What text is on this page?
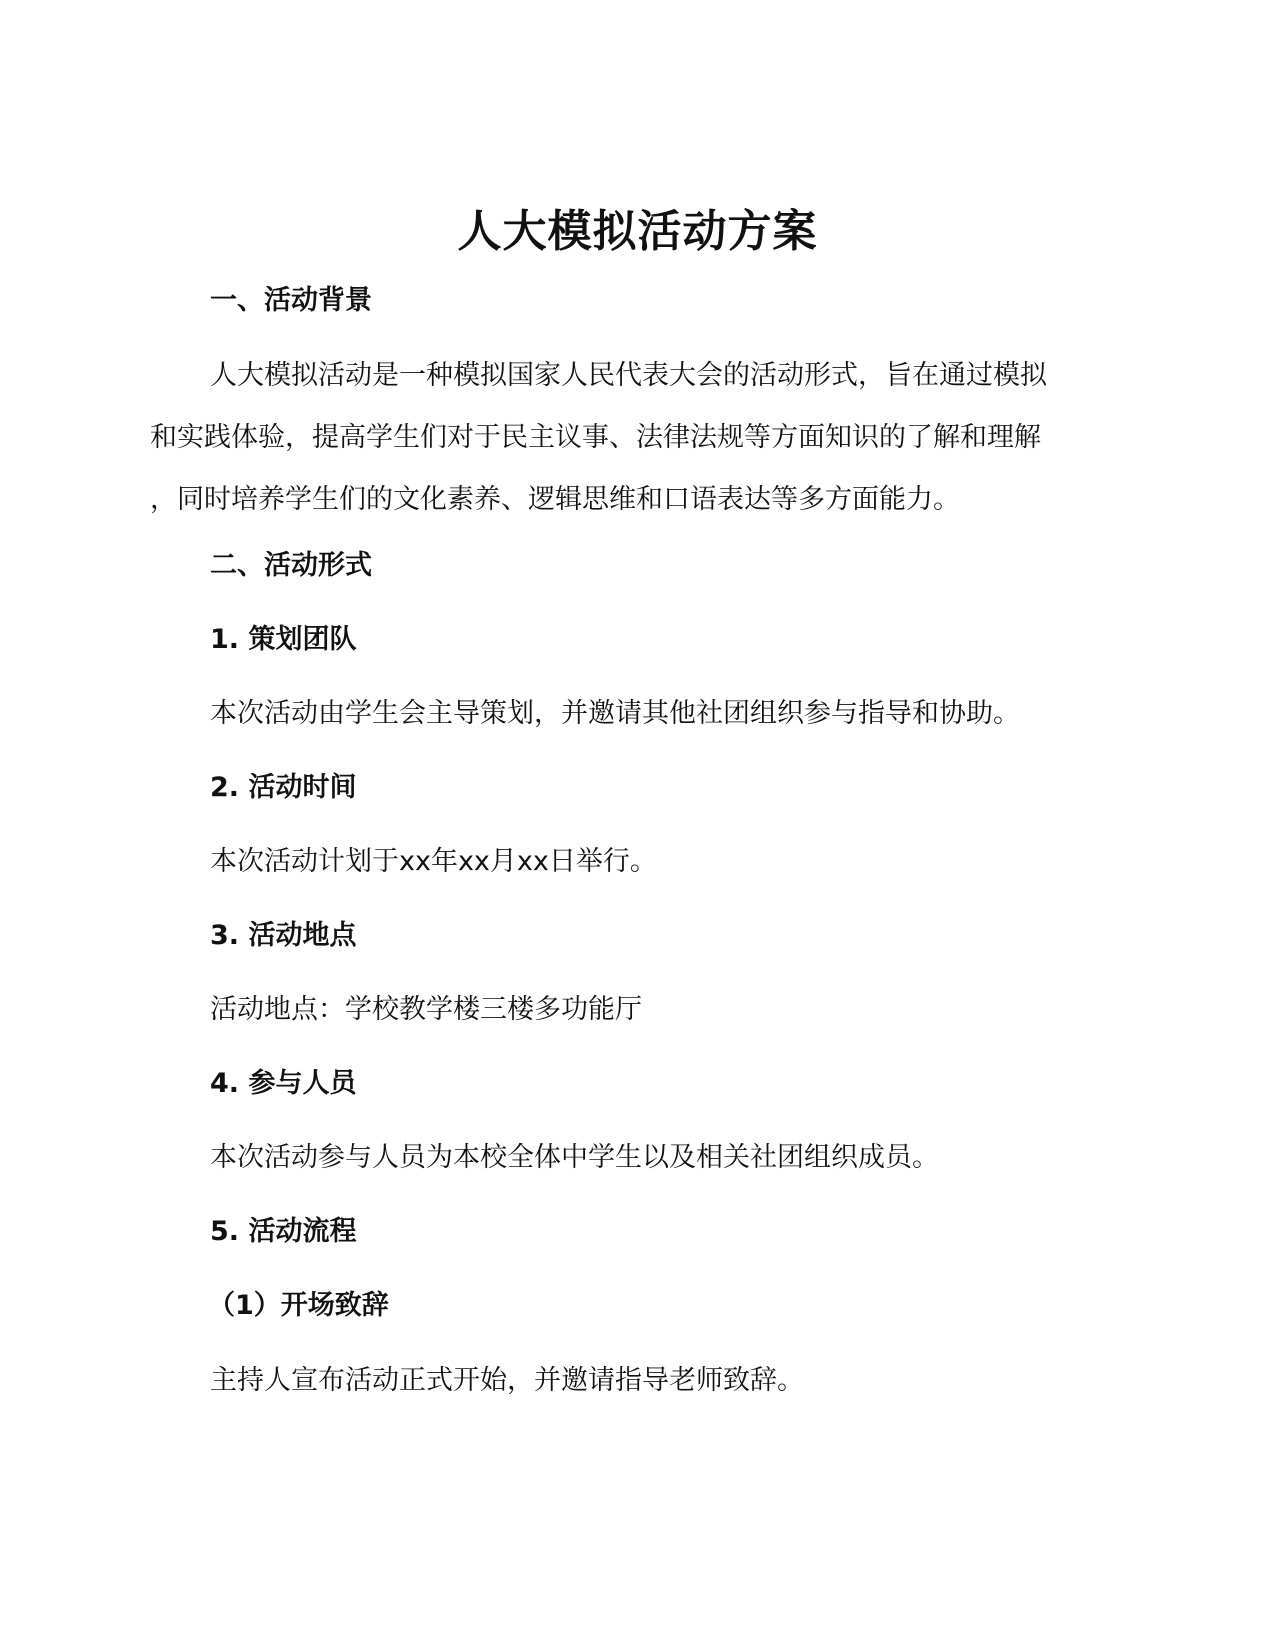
人大模拟活动方案
一、活动背景
人大模拟活动是一种模拟国家人民代表大会的活动形式，旨在通过模拟
和实践体验，提高学生们对于民主议事、法律法规等方面知识的了解和理解
，同时培养学生们的文化素养、逻辑思维和口语表达等多方面能力。
二、活动形式
1. 策划团队
本次活动由学生会主导策划，并邀请其他社团组织参与指导和协助。
2. 活动时间
本次活动计划于xx年xx月xx日举行。
3. 活动地点
活动地点：学校教学楼三楼多功能厅
4. 参与人员
本次活动参与人员为本校全体中学生以及相关社团组织成员。
5. 活动流程
（1）开场致辞
主持人宣布活动正式开始，并邀请指导老师致辞。
